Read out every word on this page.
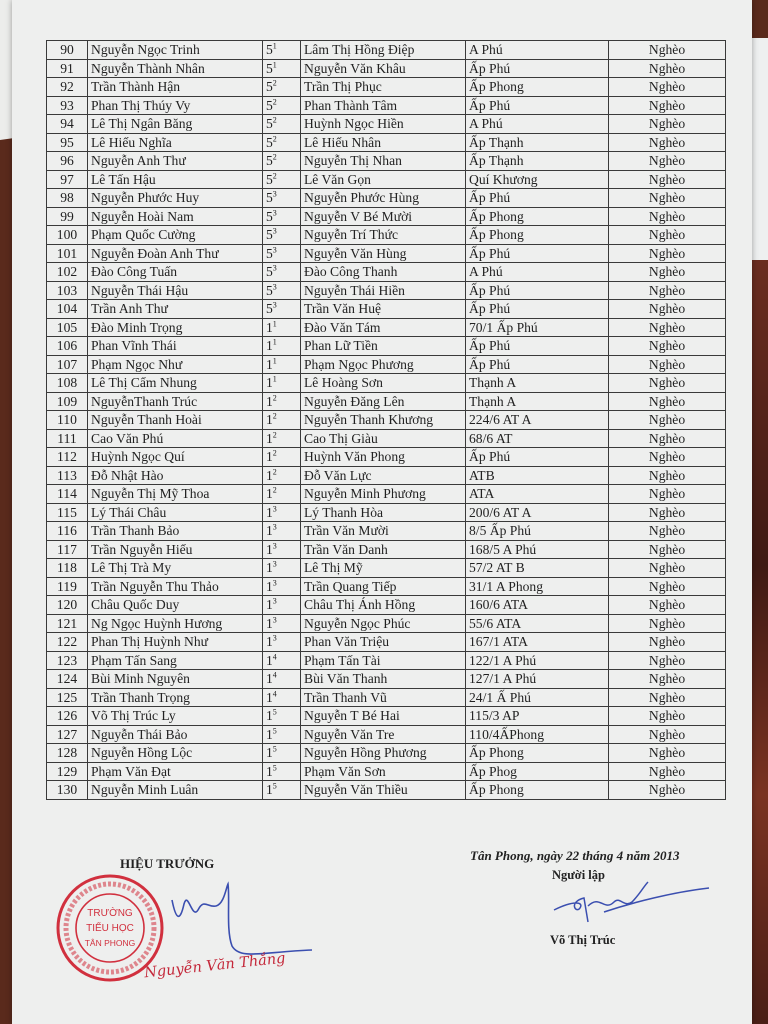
90	Nguyễn Ngọc Trinh	$5^1$	Lâm Thị Hồng Điệp	A Phú	Nghèo
91	Nguyễn Thành Nhân	$5^1$	Nguyễn Văn Khâu	Ấp Phú	Nghèo
92	Trần Thành Hận	$5^2$	Trần Thị Phục	Ấp Phong	Nghèo
93	Phan Thị Thúy Vy	$5^2$	Phan Thành Tâm	Ấp Phú	Nghèo
94	Lê Thị Ngân Băng	$5^2$	Huỳnh Ngọc Hiền	A Phú	Nghèo
95	Lê Hiếu Nghĩa	$5^2$	Lê Hiếu Nhân	Ấp Thạnh	Nghèo
96	Nguyễn Anh Thư	$5^2$	Nguyễn Thị Nhan	Ấp Thạnh	Nghèo
97	Lê Tấn Hậu	$5^2$	Lê Văn Gọn	Quí Khương	Nghèo
98	Nguyễn Phước Huy	$5^3$	Nguyễn Phước Hùng	Ấp Phú	Nghèo
99	Nguyễn Hoài Nam	$5^3$	Nguyễn V Bé Mười	Ấp Phong	Nghèo
100	Phạm Quốc Cường	$5^3$	Nguyễn Trí Thức	Ấp Phong	Nghèo
101	Nguyễn Đoàn Anh Thư	$5^3$	Nguyễn Văn Hùng	Ấp Phú	Nghèo
102	Đào Công Tuấn	$5^3$	Đào Công Thanh	A Phú	Nghèo
103	Nguyễn Thái Hậu	$5^3$	Nguyễn Thái Hiền	Ấp Phú	Nghèo
104	Trần Anh Thư	$5^3$	Trần Văn Huệ	Ấp Phú	Nghèo
105	Đào Minh Trọng	$1^1$	Đào Văn Tám	70/1 Ấp Phú	Nghèo
106	Phan Vĩnh Thái	$1^1$	Phan Lữ Tiền	Ấp Phú	Nghèo
107	Phạm Ngọc Như	$1^1$	Phạm Ngọc Phương	Ấp Phú	Nghèo
108	Lê Thị Cẩm Nhung	$1^1$	Lê Hoàng Sơn	Thạnh A	Nghèo
109	NguyễnThanh Trúc	$1^2$	Nguyễn Đăng Lên	Thạnh A	Nghèo
110	Nguyễn Thanh Hoài	$1^2$	Nguyễn Thanh Khương	224/6 AT A	Nghèo
111	Cao Văn Phú	$1^2$	Cao Thị Giàu	68/6 AT	Nghèo
112	Huỳnh Ngọc Quí	$1^2$	Huỳnh Văn Phong	Ấp Phú	Nghèo
113	Đỗ Nhật Hào	$1^2$	Đỗ Văn Lực	ATB	Nghèo
114	Nguyễn Thị Mỹ Thoa	$1^2$	Nguyễn Minh Phương	ATA	Nghèo
115	Lý Thái Châu	$1^3$	Lý Thanh Hòa	200/6 AT A	Nghèo
116	Trần Thanh Bảo	$1^3$	Trần Văn Mười	8/5 Ấp Phú	Nghèo
117	Trần Nguyễn Hiếu	$1^3$	Trần Văn Danh	168/5 A Phú	Nghèo
118	Lê Thị Trà My	$1^3$	Lê Thị Mỹ	57/2 AT B	Nghèo
119	Trần Nguyễn Thu Thảo	$1^3$	Trần Quang Tiếp	31/1 A Phong	Nghèo
120	Châu Quốc Duy	$1^3$	Châu Thị Ánh Hồng	160/6 ATA	Nghèo
121	Ng Ngọc Huỳnh Hương	$1^3$	Nguyễn Ngọc Phúc	55/6 ATA	Nghèo
122	Phan Thị Huỳnh Như	$1^3$	Phan Văn Triệu	167/1 ATA	Nghèo
123	Phạm Tấn Sang	$1^4$	Phạm Tấn Tài	122/1 A Phú	Nghèo
124	Bùi Minh Nguyên	$1^4$	Bùi Văn Thanh	127/1 A Phú	Nghèo
125	Trần Thanh Trọng	$1^4$	Trần Thanh Vũ	24/1 Ấ Phú	Nghèo
126	Võ Thị Trúc Ly	$1^5$	Nguyễn T Bé Hai	115/3 AP	Nghèo
127	Nguyễn Thái Bảo	$1^5$	Nguyễn Văn Tre	110/4ẤPhong	Nghèo
128	Nguyễn Hồng Lộc	$1^5$	Nguyễn Hồng Phương	Ấp Phong	Nghèo
129	Phạm Văn Đạt	$1^5$	Phạm Văn Sơn	Ấp Phog	Nghèo
130	Nguyễn Minh Luân	$1^5$	Nguyễn Văn Thiều	Ấp Phong	Nghèo
HIỆU TRƯỞNG
TRƯỜNG
TIỂU HỌC
TÂN PHONG
Nguyễn Văn Thắng
Tân Phong, ngày 22 tháng 4 năm 2013
Người lập
Võ Thị Trúc
